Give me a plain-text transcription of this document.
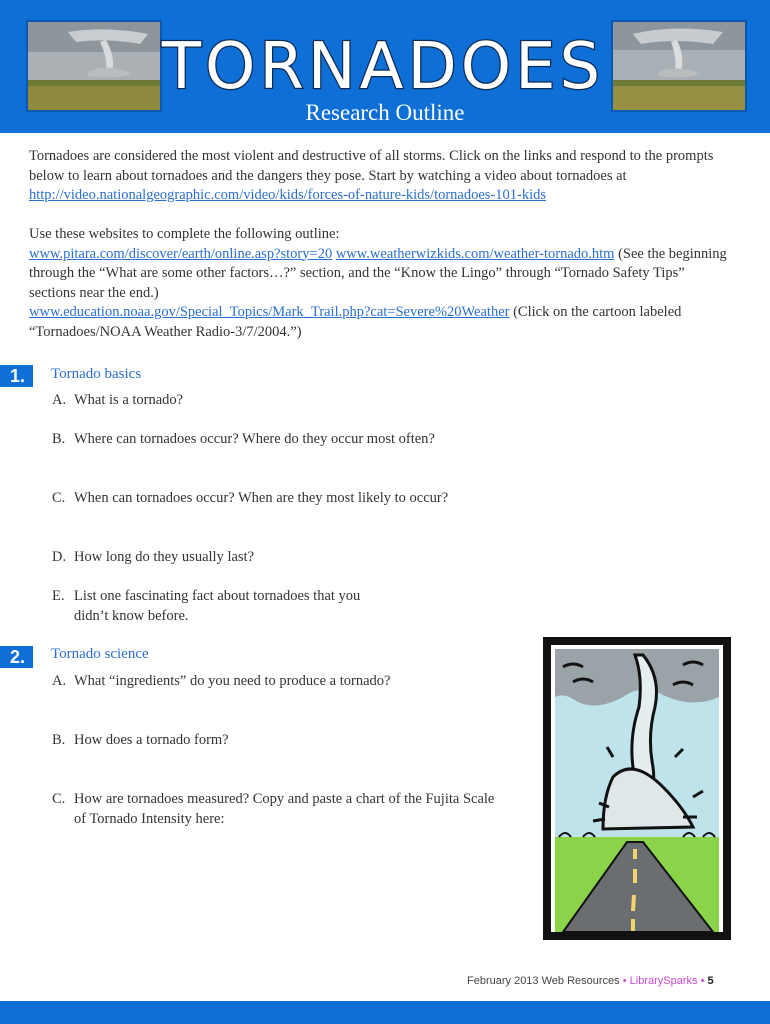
TORNADOES
Research Outline

Tornadoes are considered the most violent and destructive of all storms. Click on the links and respond to the prompts below to learn about tornadoes and the dangers they pose. Start by watching a video about tornadoes at http://video.nationalgeographic.com/video/kids/forces-of-nature-kids/tornadoes-101-kids

Use these websites to complete the following outline:
www.pitara.com/discover/earth/online.asp?story=20 www.weatherwizkids.com/weather-tornado.htm (See the beginning through the “What are some other factors…?” section, and the “Know the Lingo” through “Tornado Safety Tips” sections near the end.)
www.education.noaa.gov/Special_Topics/Mark_Trail.php?cat=Severe%20Weather (Click on the cartoon labeled “Tornadoes/NOAA Weather Radio-3/7/2004.”)

1.	Tornado basics
A. What is a tornado?
B. Where can tornadoes occur? Where do they occur most often?
C. When can tornadoes occur? When are they most likely to occur?
D. How long do they usually last?
E. List one fascinating fact about tornadoes that you
didn’t know before.
2.	Tornado science
A. What “ingredients” do you need to produce a tornado?
B. How does a tornado form?
C. How are tornadoes measured? Copy and paste a chart of the Fujita Scale
of Tornado Intensity here:
February 2013 Web Resources • LibrarySparks • 5
